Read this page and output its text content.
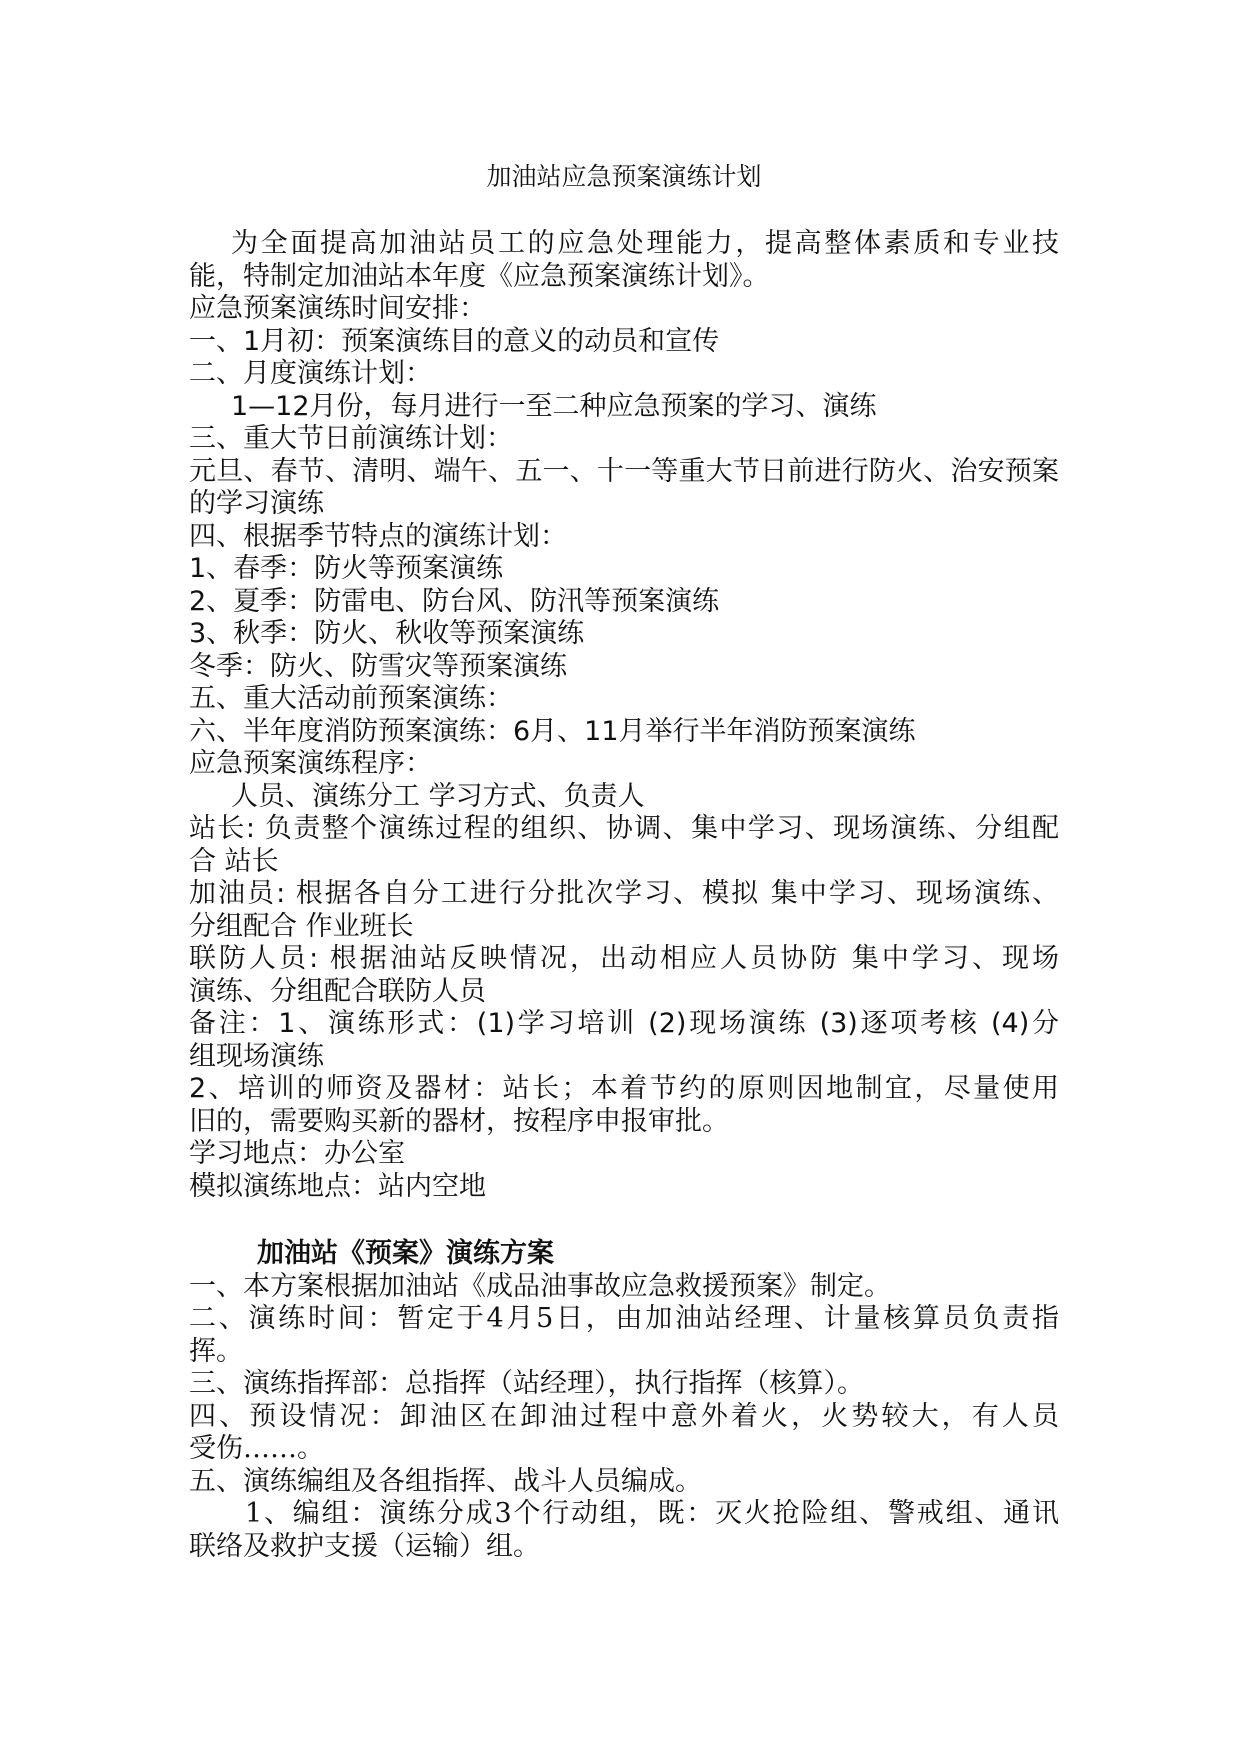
加油站应急预案演练计划
为全面提高加油站员工的应急处理能力，提高整体素质和专业技
能，特制定加油站本年度《应急预案演练计划》。
应急预案演练时间安排：
一、1月初：预案演练目的意义的动员和宣传
二、月度演练计划：
1—12月份，每月进行一至二种应急预案的学习、演练
三、重大节日前演练计划：
元旦、春节、清明、端午、五一、十一等重大节日前进行防火、治安预案
的学习演练
四、根据季节特点的演练计划：
1、春季：防火等预案演练
2、夏季：防雷电、防台风、防汛等预案演练
3、秋季：防火、秋收等预案演练
冬季：防火、防雪灾等预案演练
五、重大活动前预案演练：
六、半年度消防预案演练：6月、11月举行半年消防预案演练
应急预案演练程序：
人员、演练分工 学习方式、负责人
站长: 负责整个演练过程的组织、协调、集中学习、现场演练、分组配
合 站长
加油员: 根据各自分工进行分批次学习、模拟 集中学习、现场演练、
分组配合 作业班长
联防人员: 根据油站反映情况，出动相应人员协防 集中学习、现场
演练、分组配合联防人员
备注：1、演练形式：(1)学习培训 (2)现场演练 (3)逐项考核 (4)分
组现场演练
2、培训的师资及器材：站长；本着节约的原则因地制宜，尽量使用
旧的，需要购买新的器材，按程序申报审批。
学习地点：办公室
模拟演练地点：站内空地
加油站《预案》演练方案
一、本方案根据加油站《成品油事故应急救援预案》制定。
二、演练时间：暂定于4月5日，由加油站经理、计量核算员负责指
挥。
三、演练指挥部：总指挥（站经理），执行指挥（核算）。
四、预设情况：卸油区在卸油过程中意外着火，火势较大，有人员
受伤……。
五、演练编组及各组指挥、战斗人员编成。
1、编组：演练分成3个行动组，既：灭火抢险组、警戒组、通讯
联络及救护支援（运输）组。
